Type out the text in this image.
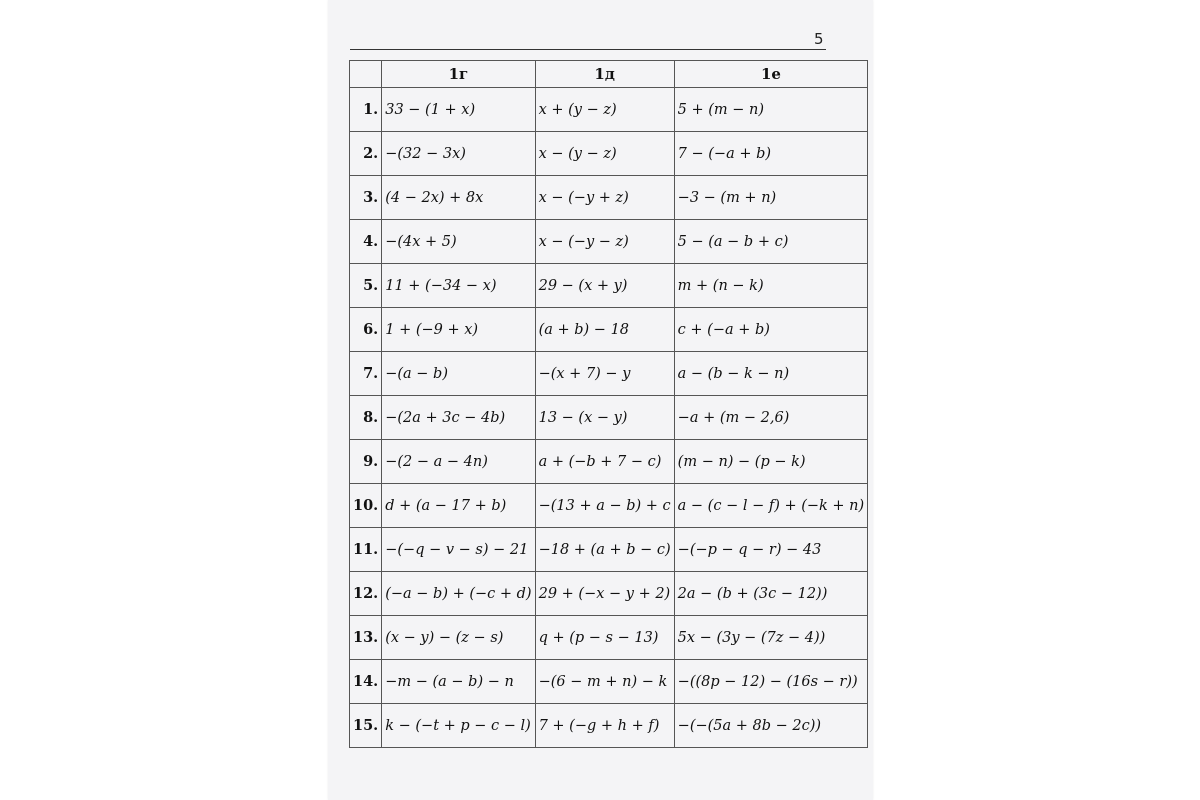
5
	1г	1д	1е
1.	33 − (1 + x)	x + (y − z)	5 + (m − n)
2.	−(32 − 3x)	x − (y − z)	7 − (−a + b)
3.	(4 − 2x) + 8x	x − (−y + z)	−3 − (m + n)
4.	−(4x + 5)	x − (−y − z)	5 − (a − b + c)
5.	11 + (−34 − x)	29 − (x + y)	m + (n − k)
6.	1 + (−9 + x)	(a + b) − 18	c + (−a + b)
7.	−(a − b)	−(x + 7) − y	a − (b − k − n)
8.	−(2a + 3c − 4b)	13 − (x − y)	−a + (m − 2,6)
9.	−(2 − a − 4n)	a + (−b + 7 − c)	(m − n) − (p − k)
10.	d + (a − 17 + b)	−(13 + a − b) + c	a − (c − l − f) + (−k + n)
11.	−(−q − v − s) − 21	−18 + (a + b − c)	−(−p − q − r) − 43
12.	(−a − b) + (−c + d)	29 + (−x − y + 2)	2a − (b + (3c − 12))
13.	(x − y) − (z − s)	q + (p − s − 13)	5x − (3y − (7z − 4))
14.	−m − (a − b) − n	−(6 − m + n) − k	−((8p − 12) − (16s − r))
15.	k − (−t + p − c − l)	7 + (−g + h + f)	−(−(5a + 8b − 2c))
